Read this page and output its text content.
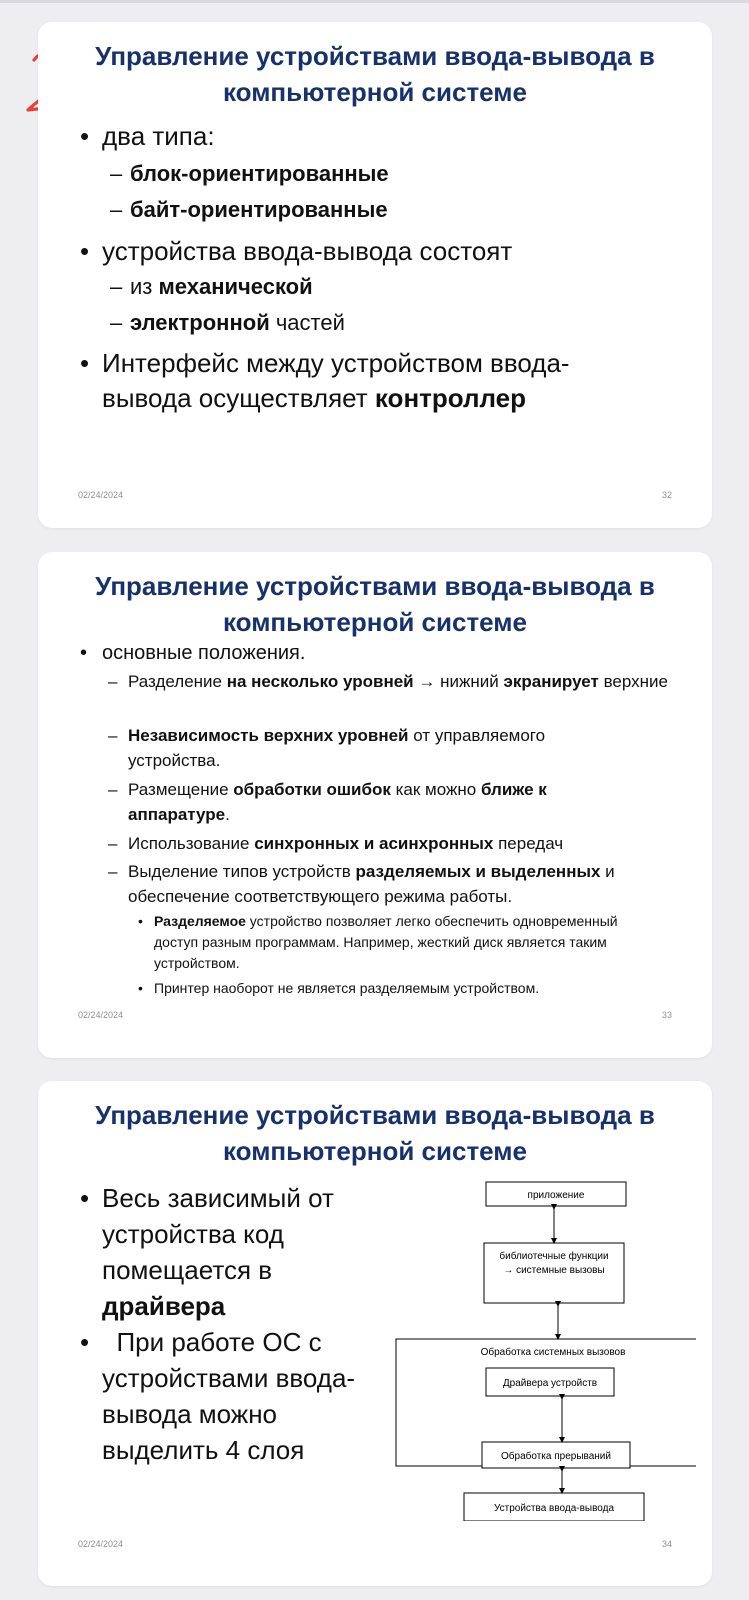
Управление устройствами ввода-вывода в компьютерной системе
• два типа:
– блок-ориентированные
– байт-ориентированные
• устройства ввода-вывода состоят
– из механической
– электронной частей
• Интерфейс между устройством ввода-вывода осуществляет контроллер
02/24/2024	32
Управление устройствами ввода-вывода в компьютерной системе
• основные положения.
– Разделение на несколько уровней → нижний экранирует верхние
– Независимость верхних уровней от управляемого устройства.
– Размещение обработки ошибок как можно ближе к аппаратуре.
– Использование синхронных и асинхронных передач
– Выделение типов устройств разделяемых и выделенных и обеспечение соответствующего режима работы.
• Разделяемое устройство позволяет легко обеспечить одновременный доступ разным программам. Например, жесткий диск является таким устройством.
• Принтер наоборот не является разделяемым устройством.
02/24/2024	33
Управление устройствами ввода-вывода в компьютерной системе
• Весь зависимый от устройства код помещается в драйвера
•   При работе ОС с устройствами ввода-вывода можно выделить 4 слоя
приложение
библиотечные функции
→ системные вызовы
Обработка системных вызовов
Драйвера устройств
Обработка прерываний
Устройства ввода-вывода
02/24/2024	34
